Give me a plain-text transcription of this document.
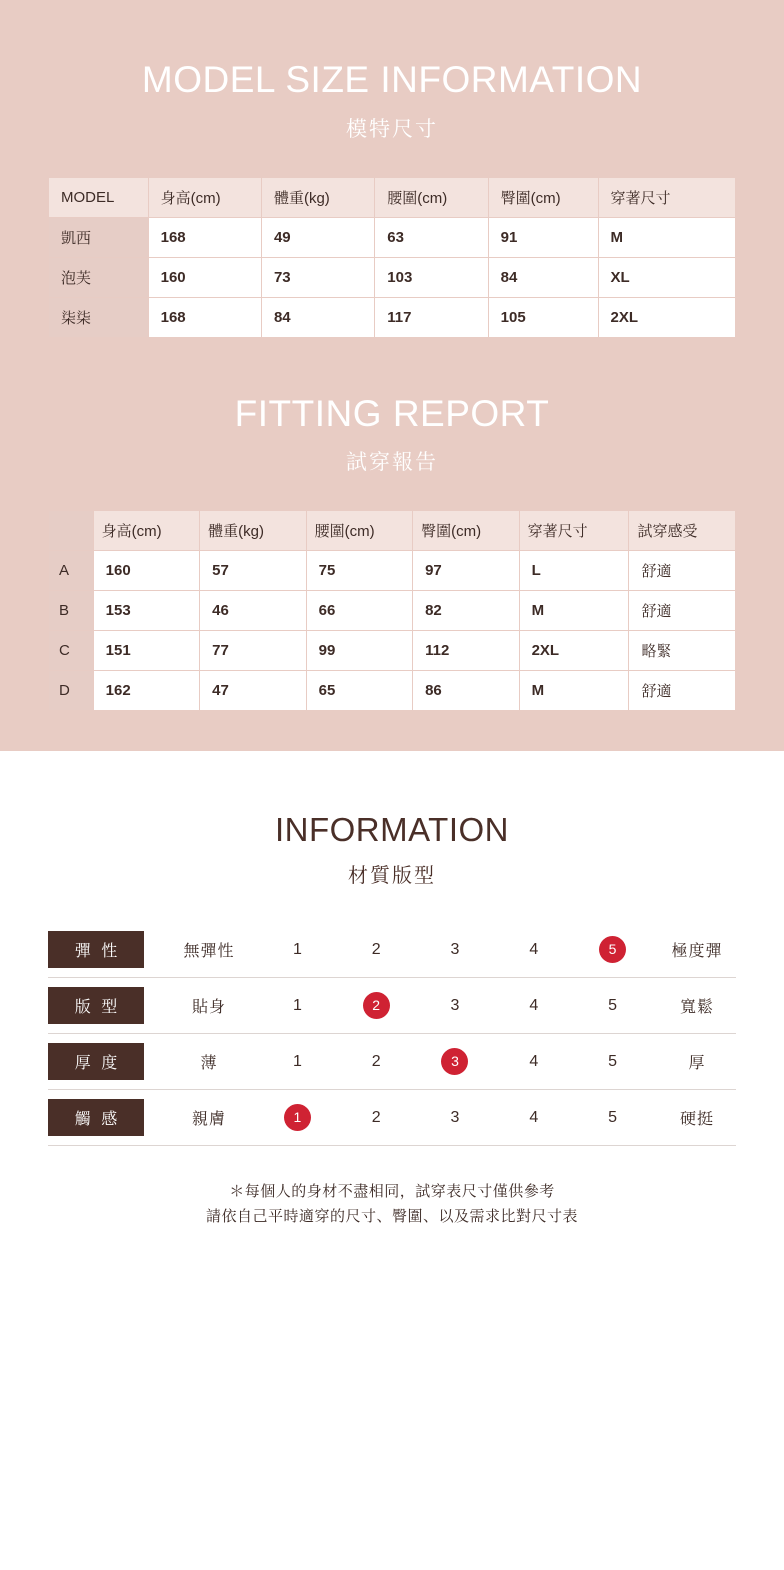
MODEL SIZE INFORMATION
模特尺寸
MODEL	身高(cm)	體重(kg)	腰圍(cm)	臀圍(cm)	穿著尺寸
凱西	168	49	63	91	M
泡芙	160	73	103	84	XL
柒柒	168	84	117	105	2XL
FITTING REPORT
試穿報告
	身高(cm)	體重(kg)	腰圍(cm)	臀圍(cm)	穿著尺寸	試穿感受
A	160	57	75	97	L	舒適
B	153	46	66	82	M	舒適
C	151	77	99	112	2XL	略緊
D	162	47	65	86	M	舒適
INFORMATION
材質版型
彈 性	無彈性	1	2	3	4	5	極度彈
版 型	貼身	1	2	3	4	5	寬鬆
厚 度	薄	1	2	3	4	5	厚
觸 感	親膚	1	2	3	4	5	硬挺
＊每個人的身材不盡相同，試穿表尺寸僅供參考
請依自己平時適穿的尺寸、臀圍、以及需求比對尺寸表
